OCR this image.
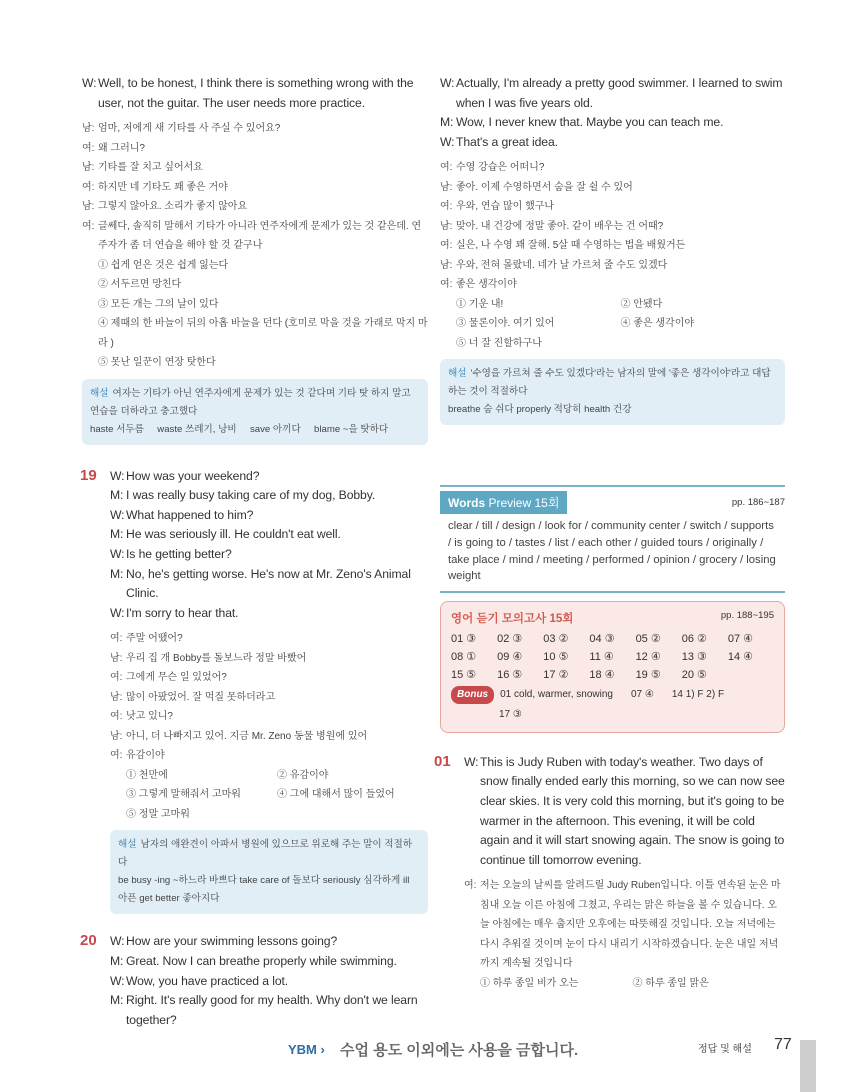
W: Well, to be honest, I think there is something wrong with the user, not the guitar. The user needs more practice.
남: 엄마, 저에게 새 기타를 사 주실 수 있어요?
여: 왜 그러니?
남: 기타를 잘 치고 싶어서요
여: 하지만 네 기타도 꽤 좋은 거야
남: 그렇지 않아요. 소리가 좋지 않아요
여: 글쎄다, 솔직히 말해서 기타가 아니라 연주자에게 문제가 있는 것 같은데. 연주자가 좀 더 연습을 해야 할 것 같구나
① 쉽게 얻은 것은 쉽게 잃는다
② 서두르면 망친다
③ 모든 개는 그의 날이 있다
④ 제때의 한 바늘이 뒤의 아홉 바늘을 던다 (호미로 막을 것을 가래로 막지 마라 )
⑤ 못난 일꾼이 연장 탓한다
해설 여자는 기타가 아닌 연주자에게 문제가 있는 것 같다며 기타 탓 하지 말고 연습을 더하라고 충고했다
haste 서두름     waste 쓰레기, 낭비     save 아끼다     blame ~을 탓하다
19 W: How was your weekend?
M: I was really busy taking care of my dog, Bobby.
W: What happened to him?
M: He was seriously ill. He couldn't eat well.
W: Is he getting better?
M: No, he's getting worse. He's now at Mr. Zeno's Animal Clinic.
W: I'm sorry to hear that.
여: 주말 어땠어?
남: 우리 집 개 Bobby를 돌보느라 정말 바빴어
여: 그에게 무슨 일 있었어?
남: 많이 아팠었어. 잘 먹질 못하더라고
여: 낫고 있니?
남: 아니, 더 나빠지고 있어. 지금 Mr. Zeno 동물 병원에 있어
여: 유감이야
① 천만에	② 유감이야
③ 그렇게 말해줘서 고마워	④ 그에 대해서 많이 들었어
⑤ 정말 고마워
해설 남자의 애완견이 아파서 병원에 있으므로 위로해 주는 말이 적절하다
be busy -ing ~하느라 바쁘다 take care of 돌보다 seriously 심각하게 ill 아픈 get better 좋아지다
20 W: How are your swimming lessons going?
M: Great. Now I can breathe properly while swimming.
W: Wow, you have practiced a lot.
M: Right. It's really good for my health. Why don't we learn together?
W: Actually, I'm already a pretty good swimmer. I learned to swim when I was five years old.
M: Wow, I never knew that. Maybe you can teach me.
W: That's a great idea.
여: 수영 강습은 어떠니?
남: 좋아. 이제 수영하면서 숨을 잘 쉴 수 있어
여: 우와, 연습 많이 했구나
남: 맞아. 내 건강에 정말 좋아. 같이 배우는 건 어때?
여: 실은, 나 수영 꽤 잘해. 5살 때 수영하는 법을 배웠거든
남: 우와, 전혀 몰랐네. 네가 날 가르쳐 줄 수도 있겠다
여: 좋은 생각이야
① 기운 내!	② 안됐다
③ 물론이야. 여기 있어	④ 좋은 생각이야
⑤ 너 잘 진할하구나
해설 '수영을 가르쳐 줄 수도 있겠다'라는 남자의 말에 '좋은 생각이야'라고 대답하는 것이 적절하다
breathe 숨 쉬다 properly 적당히 health 건강
Words Preview 15회	pp. 186~187
clear / till / design / look for / community center / switch / supports / is going to / tastes / list / each other / guided tours / originally / take place / mind / meeting / performed / opinion / grocery / losing weight
영어 듣기 모의고사 15회	pp. 188~195
01 ③	02 ③	03 ②	04 ③	05 ②	06 ②	07 ④
08 ①	09 ④	10 ⑤	11 ④	12 ④	13 ③	14 ④
15 ⑤	16 ⑤	17 ②	18 ④	19 ⑤	20 ⑤
Bonus	01 cold, warmer, snowing 07 ④ 14 1) F 2) F
17 ③
01 W: This is Judy Ruben with today's weather. Two days of snow finally ended early this morning, so we can now see clear skies. It is very cold this morning, but it's going to be warmer in the afternoon. This evening, it will be cold again and it will start snowing again. The snow is going to continue till tomorrow evening.
여: 저는 오늘의 날씨를 알려드릴 Judy Ruben입니다. 이틀 연속된 눈은 마침내 오늘 이른 아침에 그쳤고, 우리는 맑은 하늘을 볼 수 있습니다. 오늘 아침에는 매우 춥지만 오후에는 따뜻해질 것입니다. 오늘 저녁에는 다시 추워질 것이며 눈이 다시 내리기 시작하겠습니다. 눈은 내일 저녁까지 계속될 것입니다
① 하루 종일 비가 오는	② 하루 종일 맑은
YBM › 수업 용도 이외에는 사용을 금합니다.	정답 및 해설 77
